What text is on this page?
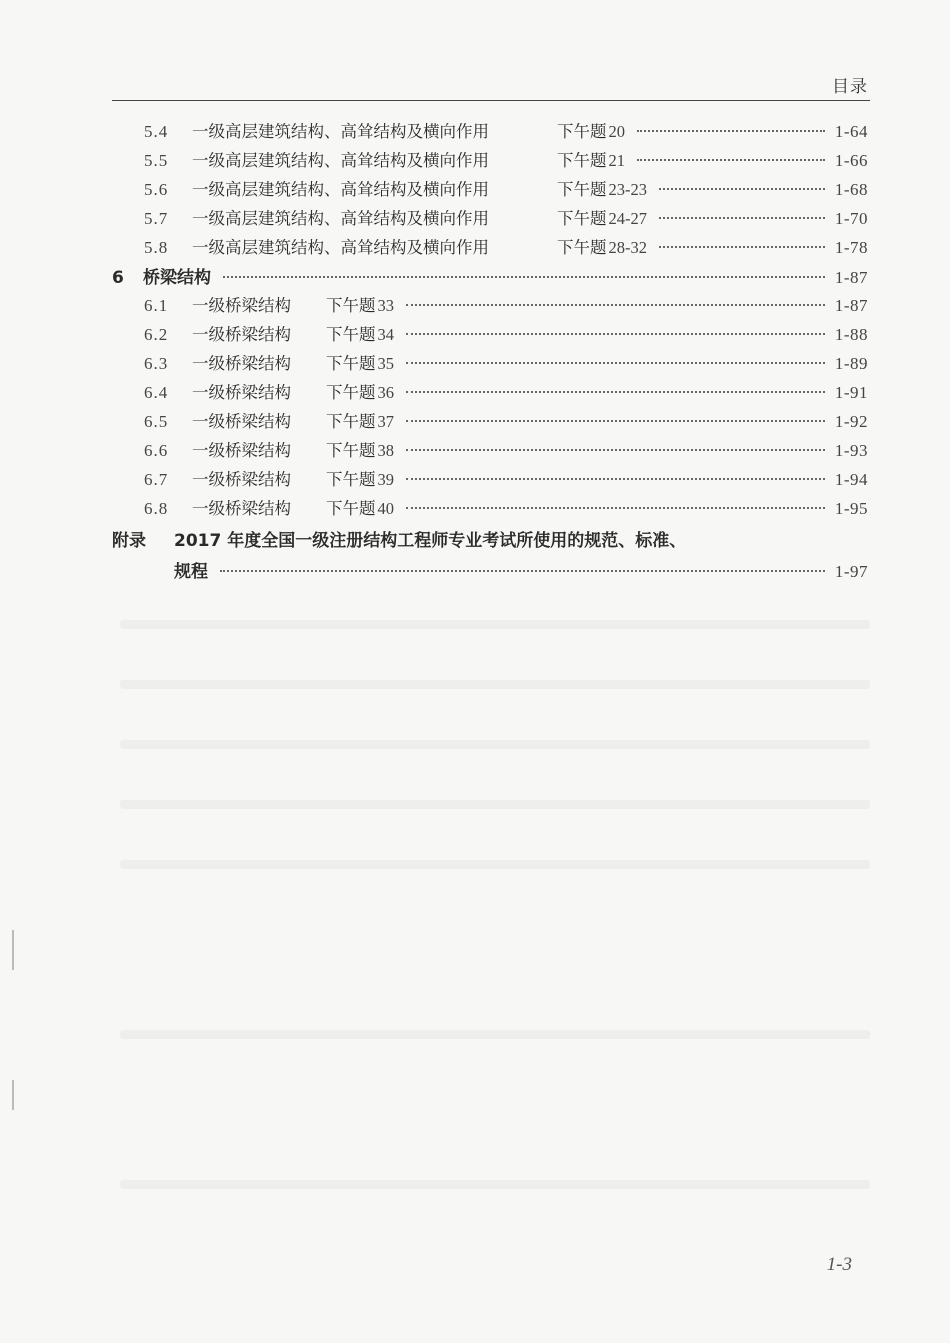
目录
5.4	一级高层建筑结构、高耸结构及横向作用	下午题 20	1-64
5.5	一级高层建筑结构、高耸结构及横向作用	下午题 21	1-66
5.6	一级高层建筑结构、高耸结构及横向作用	下午题 23-23	1-68
5.7	一级高层建筑结构、高耸结构及横向作用	下午题 24-27	1-70
5.8	一级高层建筑结构、高耸结构及横向作用	下午题 28-32	1-78
6	桥梁结构	1-87
6.1	一级桥梁结构	下午题 33	1-87
6.2	一级桥梁结构	下午题 34	1-88
6.3	一级桥梁结构	下午题 35	1-89
6.4	一级桥梁结构	下午题 36	1-91
6.5	一级桥梁结构	下午题 37	1-92
6.6	一级桥梁结构	下午题 38	1-93
6.7	一级桥梁结构	下午题 39	1-94
6.8	一级桥梁结构	下午题 40	1-95
附录 2017 年度全国一级注册结构工程师专业考试所使用的规范、标准、
规程	1-97
1-3
